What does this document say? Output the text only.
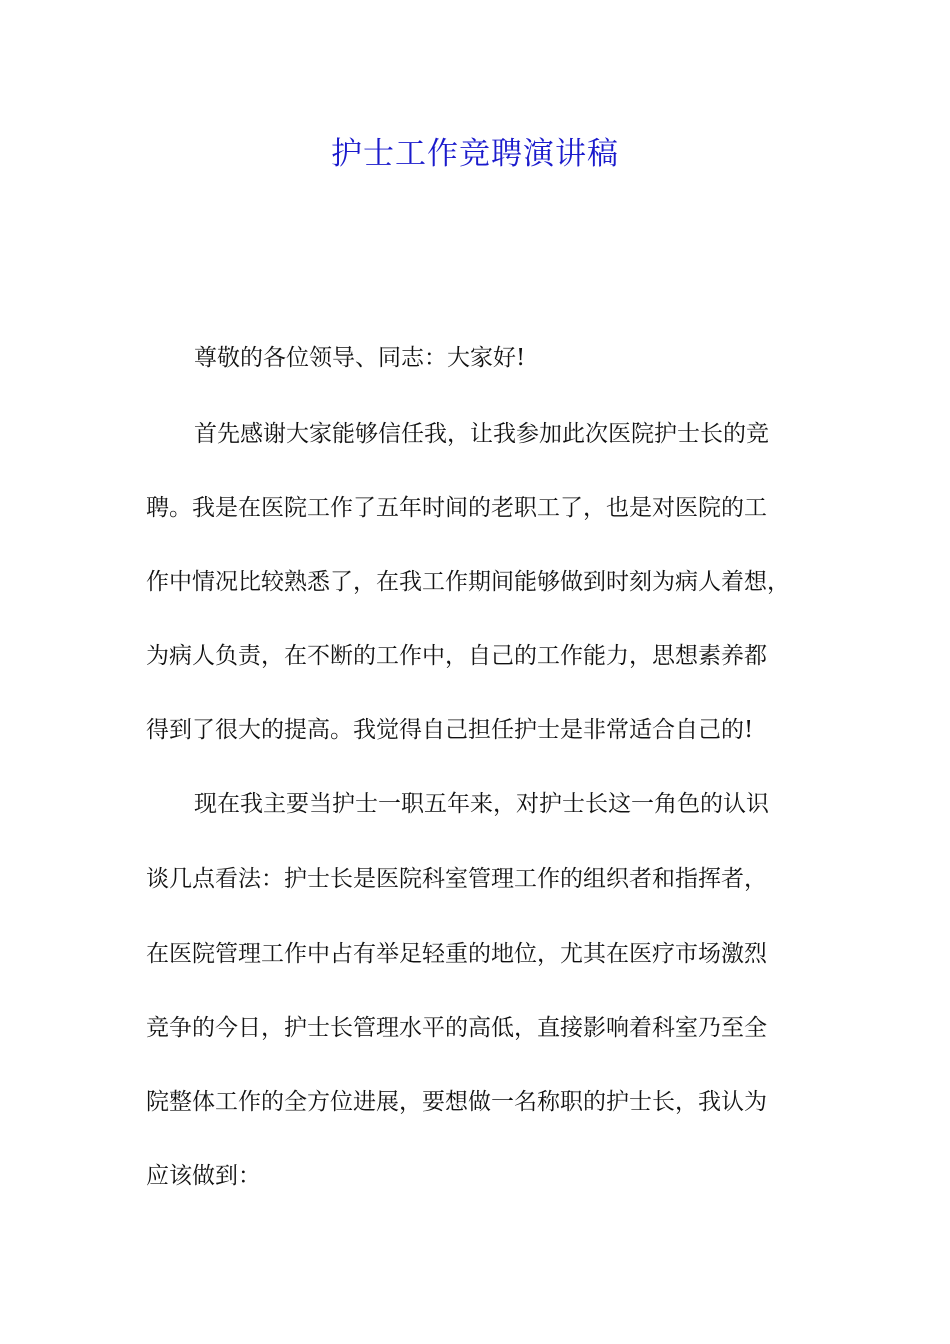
护士工作竞聘演讲稿
尊敬的各位领导、同志：大家好!
首先感谢大家能够信任我，让我参加此次医院护士长的竞
聘。我是在医院工作了五年时间的老职工了，也是对医院的工
作中情况比较熟悉了，在我工作期间能够做到时刻为病人着想，
为病人负责，在不断的工作中，自己的工作能力，思想素养都
得到了很大的提高。我觉得自己担任护士是非常适合自己的!
现在我主要当护士一职五年来，对护士长这一角色的认识
谈几点看法：护士长是医院科室管理工作的组织者和指挥者，
在医院管理工作中占有举足轻重的地位，尤其在医疗市场激烈
竞争的今日，护士长管理水平的高低，直接影响着科室乃至全
院整体工作的全方位进展，要想做一名称职的护士长，我认为
应该做到：
